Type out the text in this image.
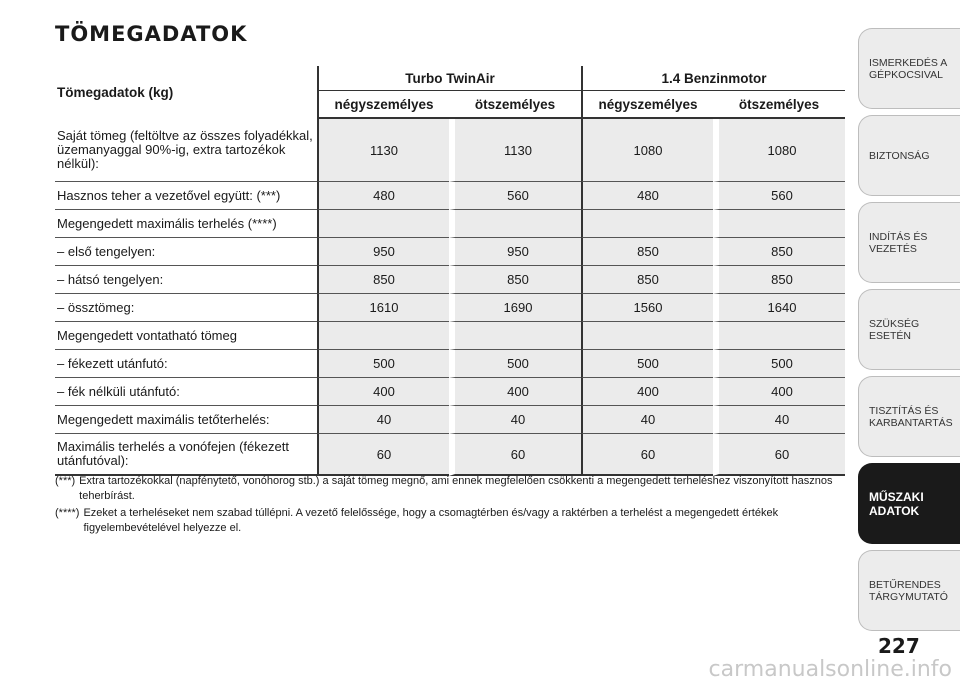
TÖMEGADATOK
Tömegadatok (kg)	Turbo TwinAir		1.4 Benzinmotor	
	négyszemélyes	ötszemélyes	négyszemélyes	ötszemélyes
Saját tömeg (feltöltve az összes folyadékkal, üzemanyaggal 90%-ig, extra tartozékok nélkül):	1130	1130	1080	1080
Hasznos teher a vezetővel együtt: (***)	480	560	480	560
Megengedett maximális terhelés (****)				
– első tengelyen:	950	950	850	850
– hátsó tengelyen:	850	850	850	850
– össztömeg:	1610	1690	1560	1640
Megengedett vontatható tömeg				
– fékezett utánfutó:	500	500	500	500
– fék nélküli utánfutó:	400	400	400	400
Megengedett maximális tetőterhelés:	40	40	40	40
Maximális terhelés a vonófejen (fékezett utánfutóval):	60	60	60	60
(***) Extra tartozékokkal (napfénytető, vonóhorog stb.) a saját tömeg megnő, ami ennek megfelelően csökkenti a megengedett terheléshez viszonyított hasznos teherbírást.
(****) Ezeket a terheléseket nem szabad túllépni. A vezető felelőssége, hogy a csomagtérben és/vagy a raktérben a terhelést a megengedett értékek figyelembevételével helyezze el.
ISMERKEDÉS A
GÉPKOCSIVAL
BIZTONSÁG
INDÍTÁS ÉS VEZETÉS
SZÜKSÉG ESETÉN
TISZTÍTÁS ÉS
KARBANTARTÁS
MŰSZAKI
ADATOK
BETŰRENDES
TÁRGYMUTATÓ
227
carmanualsonline.info
